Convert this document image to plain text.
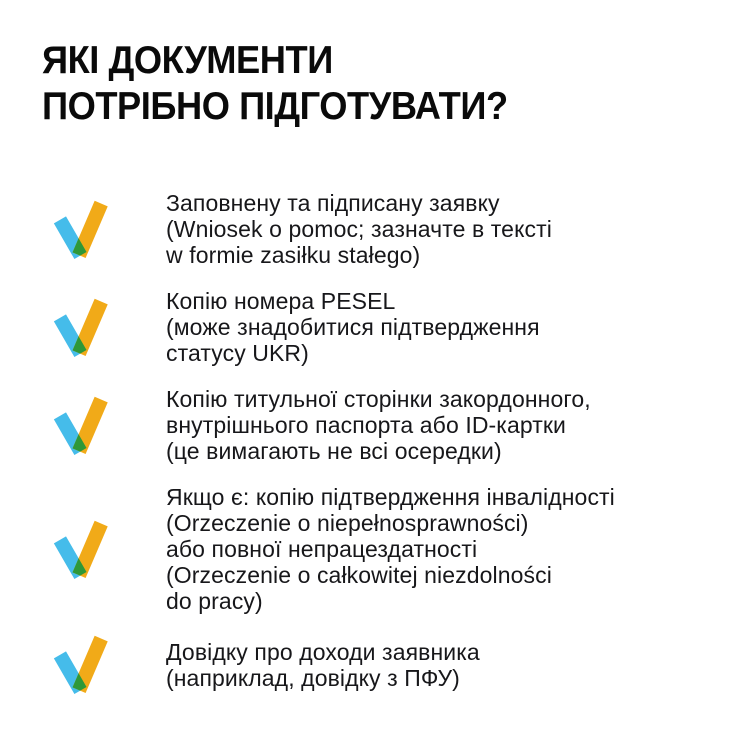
ЯКІ ДОКУМЕНТИ
ПОТРІБНО ПІДГОТУВАТИ?
Заповнену та підписану заявку
(Wniosek o pomoc; зазначте в тексті
w formie zasiłku stałego)
Копію номера PESEL
(може знадобитися підтвердження
статусу UKR)
Копію титульної сторінки закордонного,
внутрішнього паспорта або ID-картки
(це вимагають не всі осередки)
Якщо є: копію підтвердження інвалідності
(Orzeczenie o niepełnosprawności)
або повної непрацездатності
(Orzeczenie o całkowitej niezdolności
do pracy)
Довідку про доходи заявника
(наприклад, довідку з ПФУ)
